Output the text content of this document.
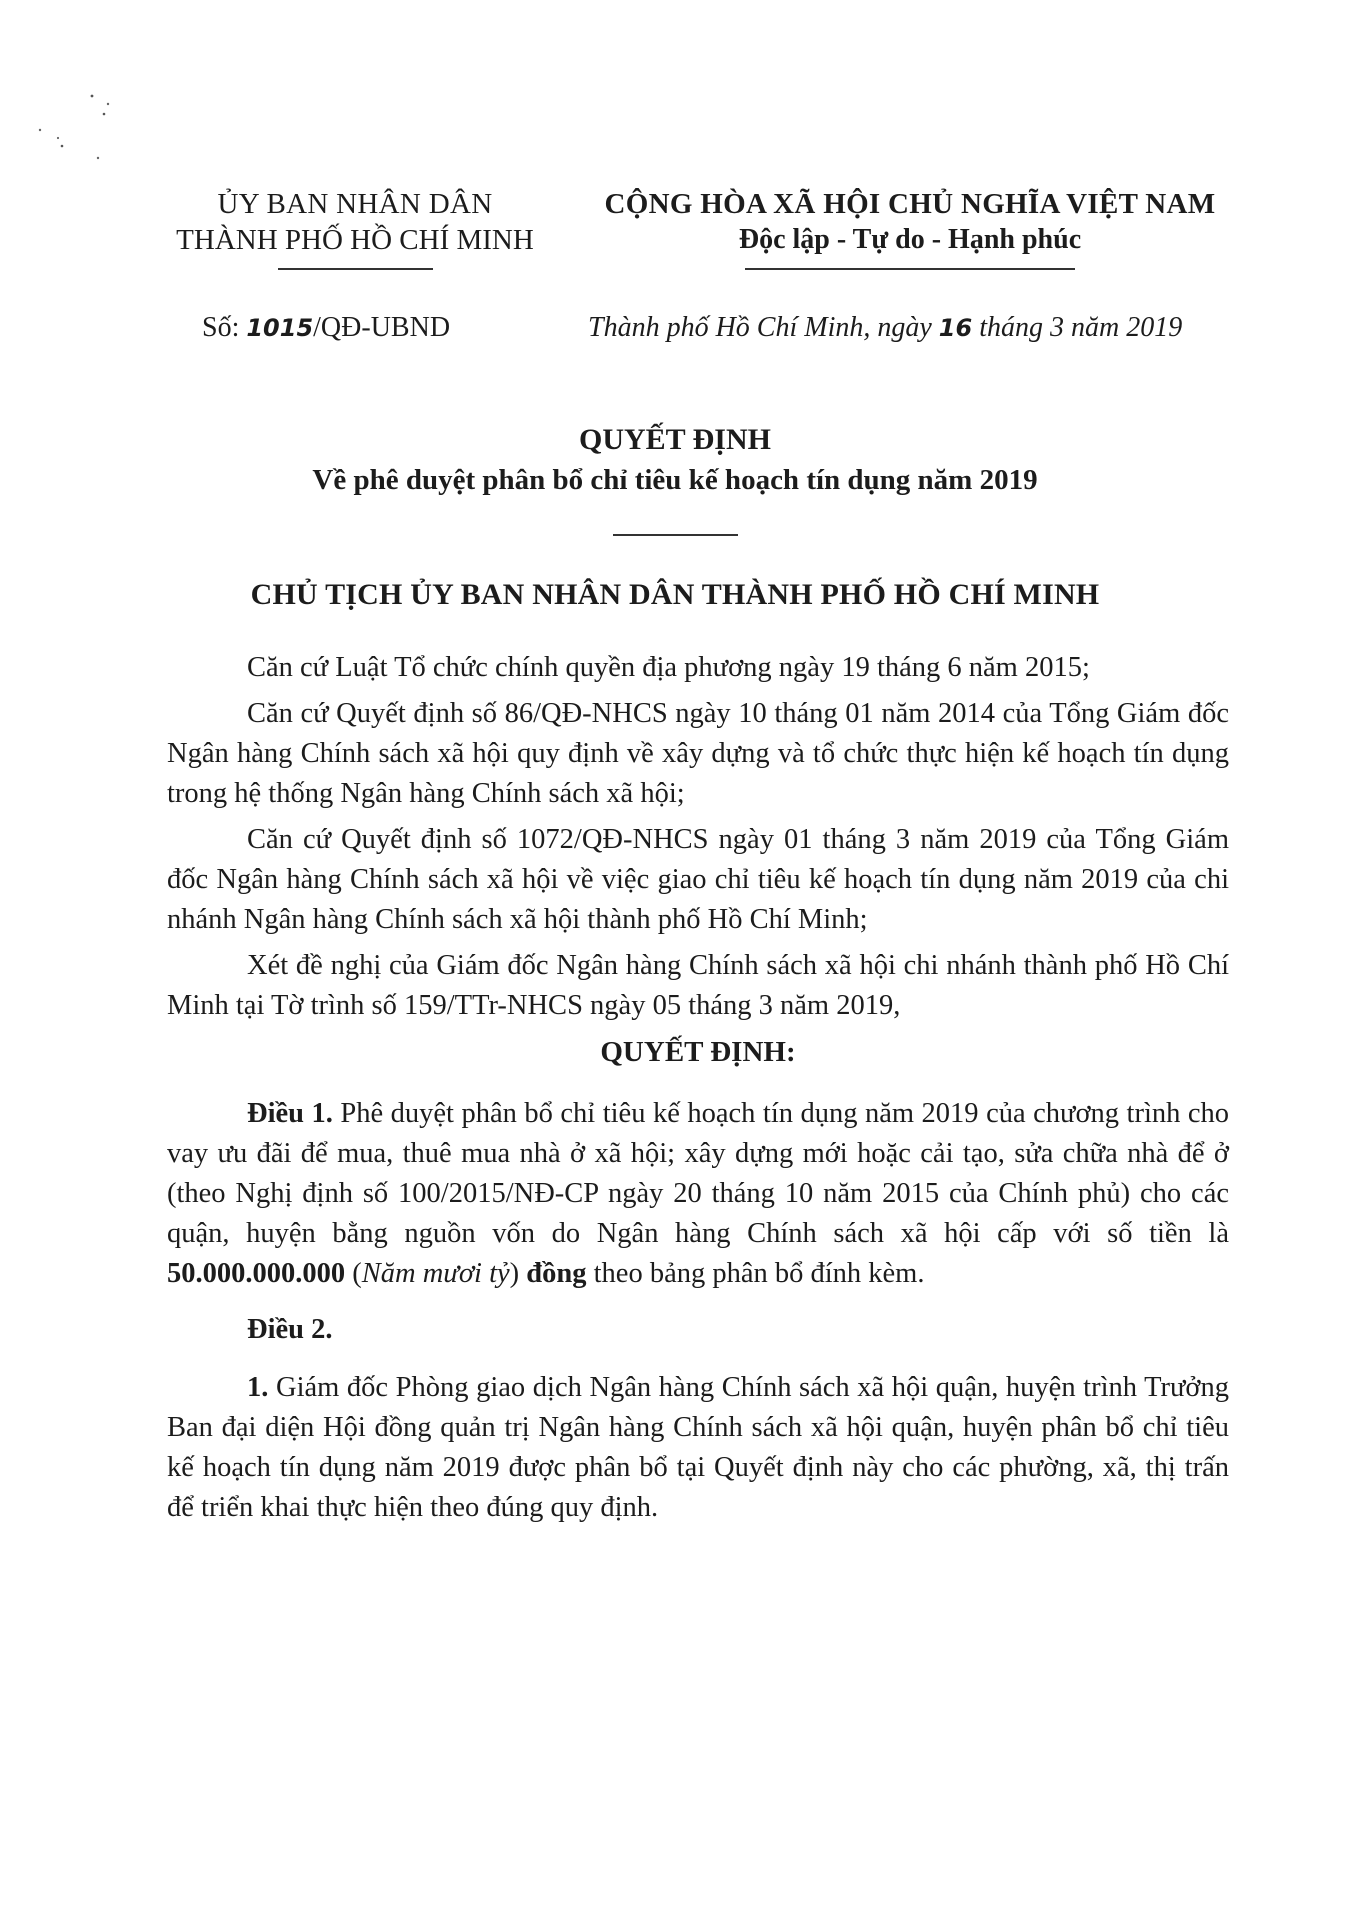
ỦY BAN NHÂN DÂN
THÀNH PHỐ HỒ CHÍ MINH
CỘNG HÒA XÃ HỘI CHỦ NGHĨA VIỆT NAM
Độc lập - Tự do - Hạnh phúc
Số: 1015/QĐ-UBND	Thành phố Hồ Chí Minh, ngày 16 tháng 3 năm 2019
QUYẾT ĐỊNH
Về phê duyệt phân bổ chỉ tiêu kế hoạch tín dụng năm 2019
CHỦ TỊCH ỦY BAN NHÂN DÂN THÀNH PHỐ HỒ CHÍ MINH

Căn cứ Luật Tổ chức chính quyền địa phương ngày 19 tháng 6 năm 2015;

Căn cứ Quyết định số 86/QĐ-NHCS ngày 10 tháng 01 năm 2014 của Tổng Giám đốc Ngân hàng Chính sách xã hội quy định về xây dựng và tổ chức thực hiện kế hoạch tín dụng trong hệ thống Ngân hàng Chính sách xã hội;

Căn cứ Quyết định số 1072/QĐ-NHCS ngày 01 tháng 3 năm 2019 của Tổng Giám đốc Ngân hàng Chính sách xã hội về việc giao chỉ tiêu kế hoạch tín dụng năm 2019 của chi nhánh Ngân hàng Chính sách xã hội thành phố Hồ Chí Minh;

Xét đề nghị của Giám đốc Ngân hàng Chính sách xã hội chi nhánh thành phố Hồ Chí Minh tại Tờ trình số 159/TTr-NHCS ngày 05 tháng 3 năm 2019,

QUYẾT ĐỊNH:

Điều 1. Phê duyệt phân bổ chỉ tiêu kế hoạch tín dụng năm 2019 của chương trình cho vay ưu đãi để mua, thuê mua nhà ở xã hội; xây dựng mới hoặc cải tạo, sửa chữa nhà để ở (theo Nghị định số 100/2015/NĐ-CP ngày 20 tháng 10 năm 2015 của Chính phủ) cho các quận, huyện bằng nguồn vốn do Ngân hàng Chính sách xã hội cấp với số tiền là 50.000.000.000 (Năm mươi tỷ) đồng theo bảng phân bổ đính kèm.

Điều 2.

1. Giám đốc Phòng giao dịch Ngân hàng Chính sách xã hội quận, huyện trình Trưởng Ban đại diện Hội đồng quản trị Ngân hàng Chính sách xã hội quận, huyện phân bổ chỉ tiêu kế hoạch tín dụng năm 2019 được phân bổ tại Quyết định này cho các phường, xã, thị trấn để triển khai thực hiện theo đúng quy định.
